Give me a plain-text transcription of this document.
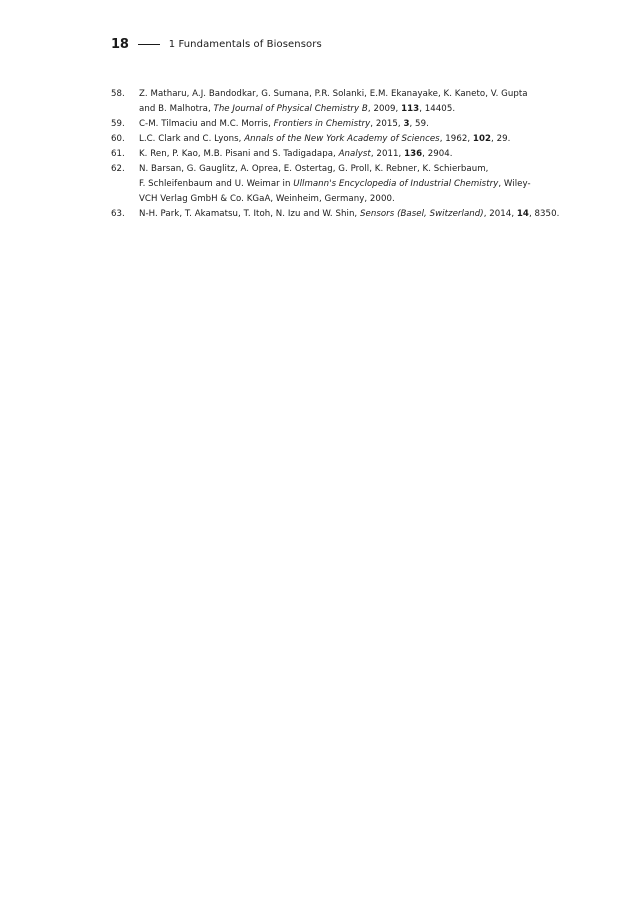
18	1 Fundamentals of Biosensors
58.	Z. Matharu, A.J. Bandodkar, G. Sumana, P.R. Solanki, E.M. Ekanayake, K. Kaneto, V. Gupta
and B. Malhotra, The Journal of Physical Chemistry B, 2009, 113, 14405.
59.	C-M. Tilmaciu and M.C. Morris, Frontiers in Chemistry, 2015, 3, 59.
60.	L.C. Clark and C. Lyons, Annals of the New York Academy of Sciences, 1962, 102, 29.
61.	K. Ren, P. Kao, M.B. Pisani and S. Tadigadapa, Analyst, 2011, 136, 2904.
62.	N. Barsan, G. Gauglitz, A. Oprea, E. Ostertag, G. Proll, K. Rebner, K. Schierbaum,
F. Schleifenbaum and U. Weimar in Ullmann's Encyclopedia of Industrial Chemistry, Wiley-
VCH Verlag GmbH & Co. KGaA, Weinheim, Germany, 2000.
63.	N-H. Park, T. Akamatsu, T. Itoh, N. Izu and W. Shin, Sensors (Basel, Switzerland), 2014, 14, 8350.
